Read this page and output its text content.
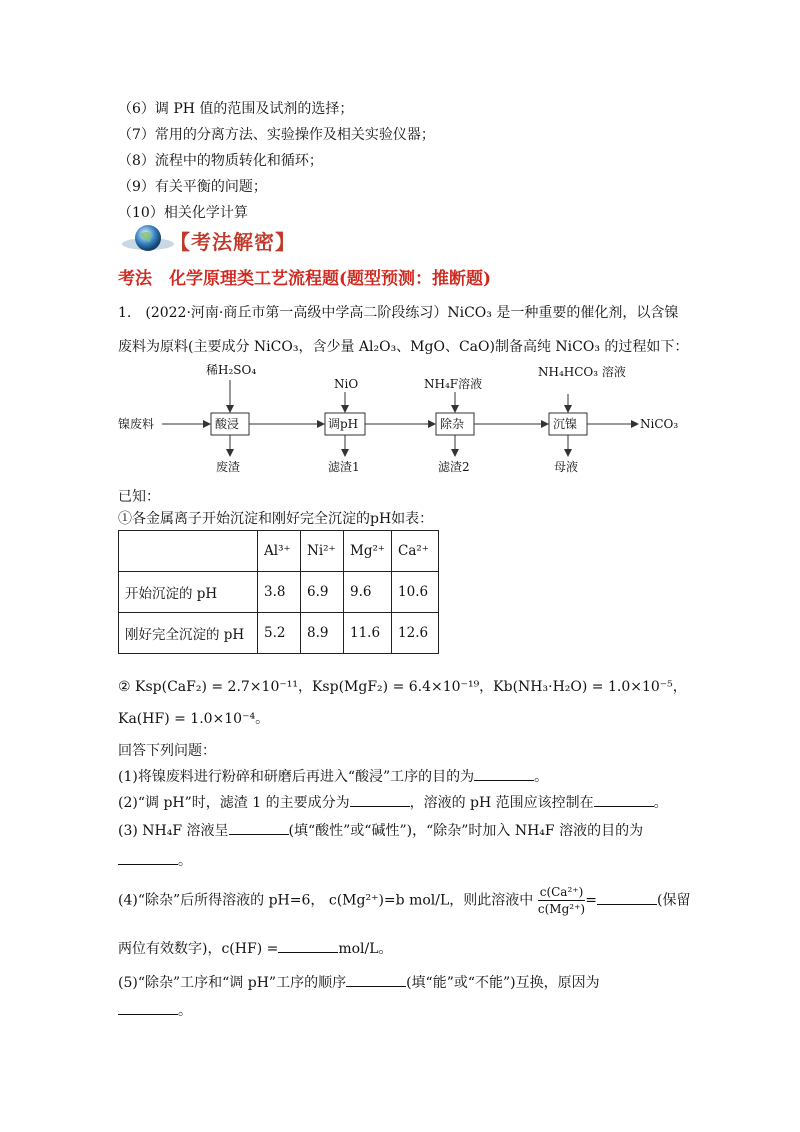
（6）调 PH 值的范围及试剂的选择；
（7）常用的分离方法、实验操作及相关实验仪器；
（8）流程中的物质转化和循环；
（9）有关平衡的问题；
（10）相关化学计算
【考法解密】
考法　化学原理类工艺流程题(题型预测：推断题)
1.　(2022·河南·商丘市第一高级中学高二阶段练习）NiCO₃ 是一种重要的催化剂，以含镍
废料为原料(主要成分 NiCO₃，含少量 Al₂O₃、MgO、CaO)制备高纯 NiCO₃ 的过程如下：
镍废料	酸浸	调pH	除杂	沉镍	NiCO₃
稀H₂SO₄
NiO	NH₄F溶液
NH₄HCO₃ 溶液
废渣	滤渣1	滤渣2	母液
已知：
①各金属离子开始沉淀和刚好完全沉淀的pH如表：
	Al³⁺	Ni²⁺	Mg²⁺	Ca²⁺
开始沉淀的 pH	3.8	6.9	9.6	10.6
刚好完全沉淀的 pH	5.2	8.9	11.6	12.6
② Ksp(CaF₂) = 2.7×10⁻¹¹，Ksp(MgF₂) = 6.4×10⁻¹⁹，Kb(NH₃·H₂O) = 1.0×10⁻⁵，
Ka(HF) = 1.0×10⁻⁴。
回答下列问题：
(1)将镍废料进行粉碎和研磨后再进入“酸浸”工序的目的为	。
(2)“调 pH”时，滤渣 1 的主要成分为	，溶液的 pH 范围应该控制在	。
(3) NH₄F 溶液呈	(填“酸性”或“碱性”)，“除杂”时加入 NH₄F 溶液的目的为
。
(4)“除杂”后所得溶液的 pH=6， c(Mg²⁺)=b mol/L，则此溶液中 $\frac{\text{c(Ca²⁺)}}{\text{c(Mg²⁺)}}$ =	(保留
两位有效数字)，c(HF) =	mol/L。
(5)“除杂”工序和“调 pH”工序的顺序	(填“能”或“不能”)互换，原因为
。
